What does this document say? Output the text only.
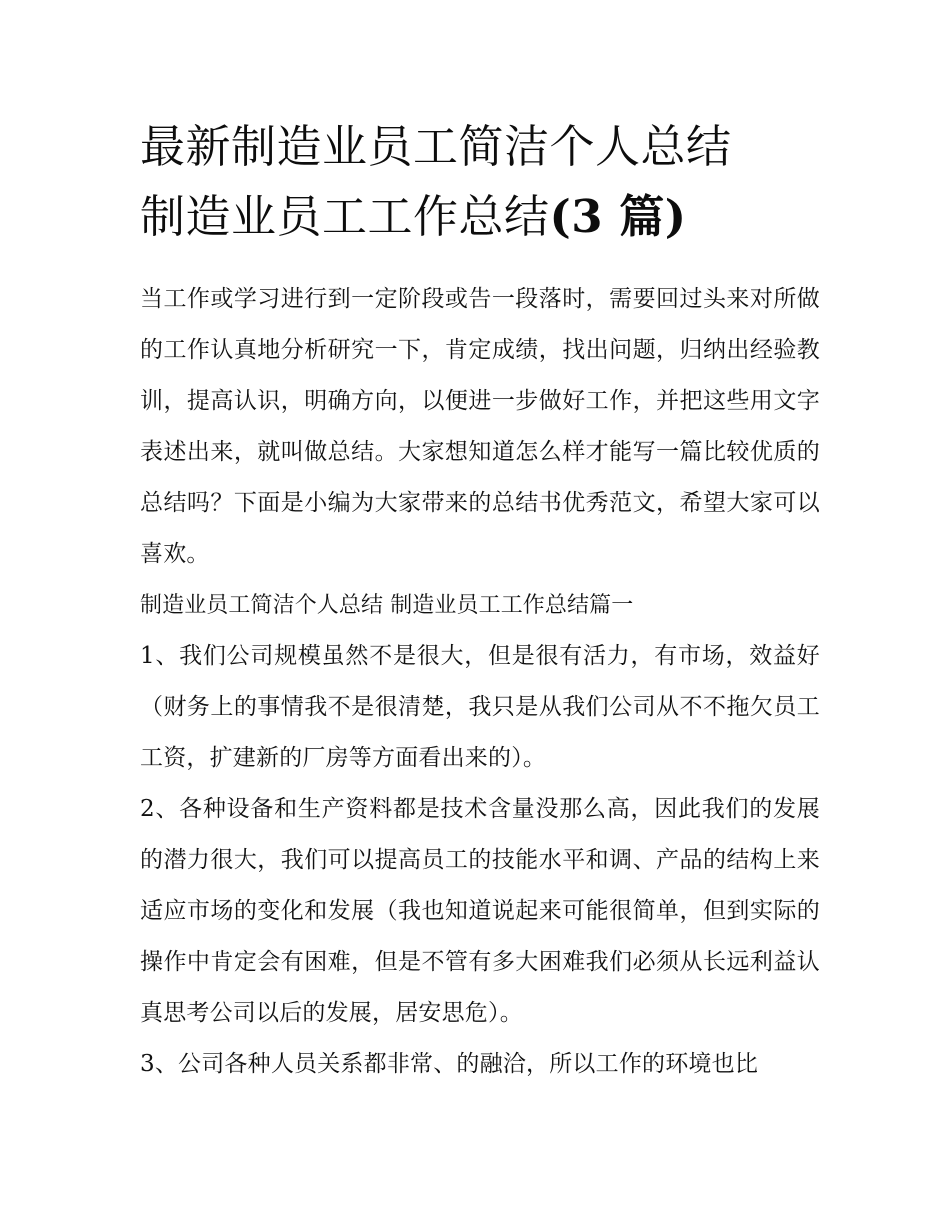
最新制造业员工简洁个人总结
制造业员工工作总结(3 篇)

当工作或学习进行到一定阶段或告一段落时，需要回过头来对所做的工作认真地分析研究一下，肯定成绩，找出问题，归纳出经验教训，提高认识，明确方向，以便进一步做好工作，并把这些用文字表述出来，就叫做总结。大家想知道怎么样才能写一篇比较优质的总结吗？下面是小编为大家带来的总结书优秀范文，希望大家可以喜欢。

制造业员工简洁个人总结 制造业员工工作总结篇一

1、我们公司规模虽然不是很大，但是很有活力，有市场，效益好（财务上的事情我不是很清楚，我只是从我们公司从不不拖欠员工工资，扩建新的厂房等方面看出来的）。

2、各种设备和生产资料都是技术含量没那么高，因此我们的发展的潜力很大，我们可以提高员工的技能水平和调、产品的结构上来适应市场的变化和发展（我也知道说起来可能很简单，但到实际的操作中肯定会有困难，但是不管有多大困难我们必须从长远利益认真思考公司以后的发展，居安思危）。

3、公司各种人员关系都非常、的融洽，所以工作的环境也比
